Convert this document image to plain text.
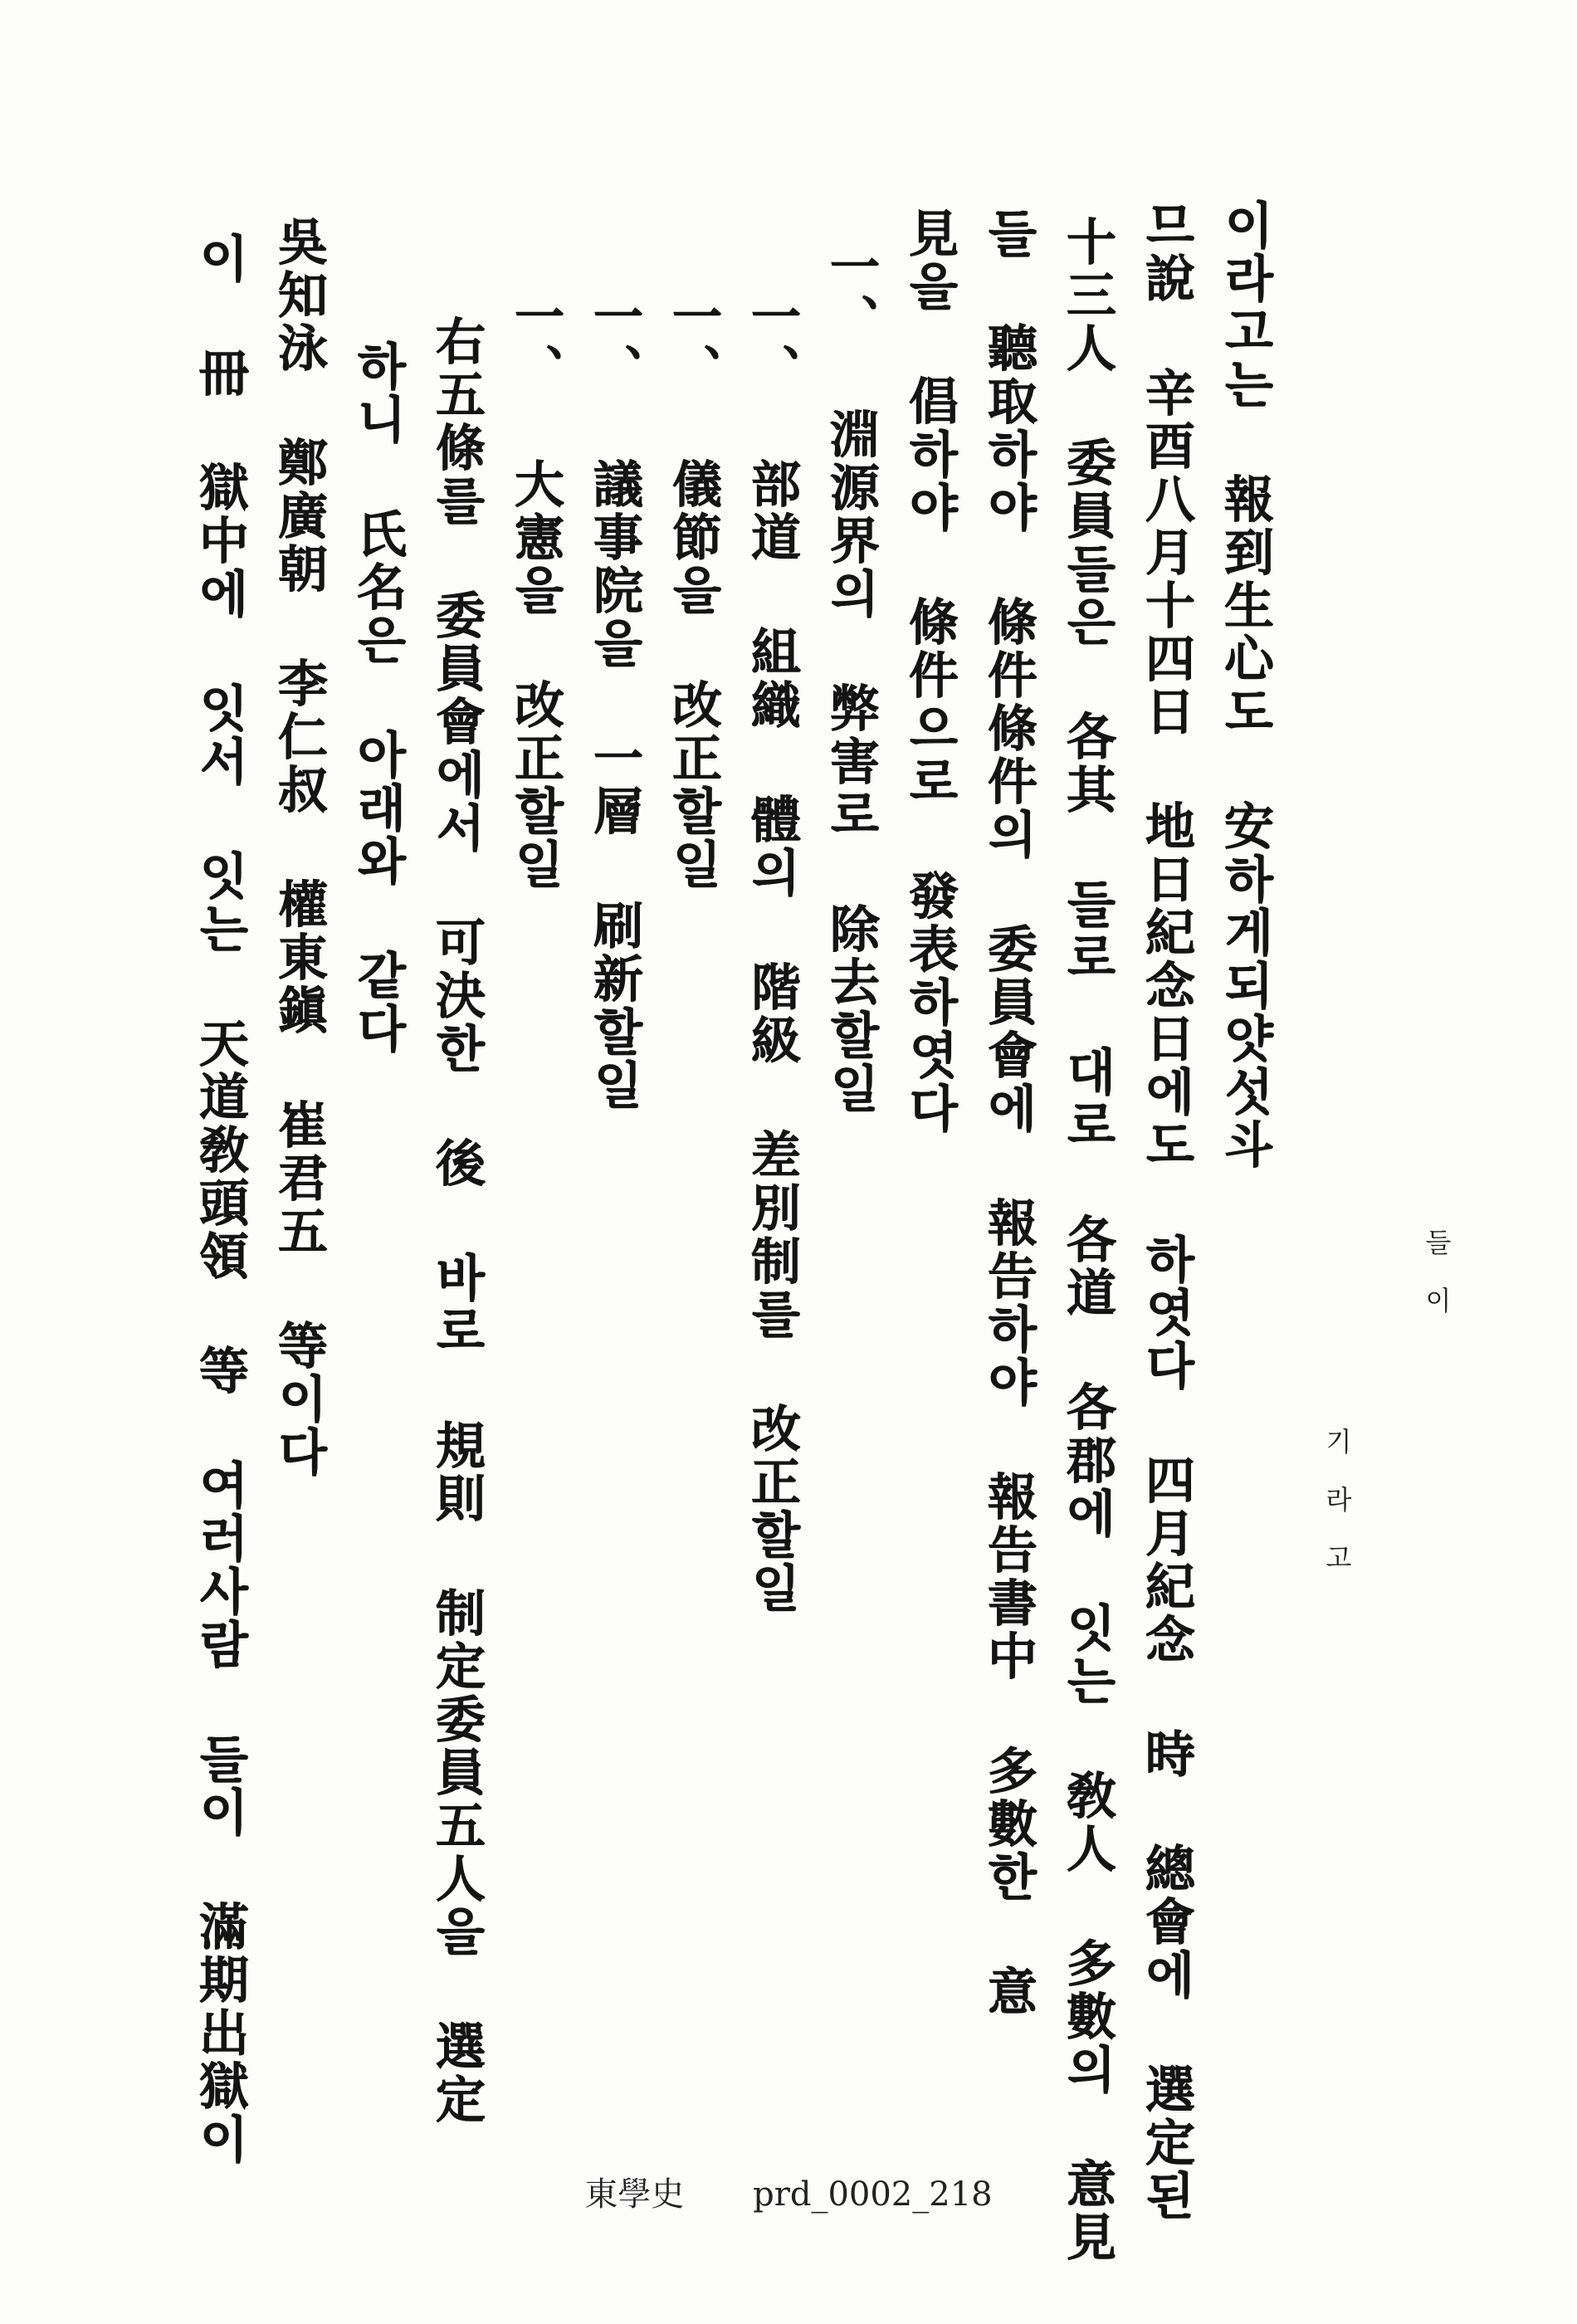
이라고는 報到生心도 安하게되얏섯斗
므說 辛酉八月十四日 地日紀念日에도 하엿다 四月紀念 時 總會에 選定된
十三人 委員들은 各其 들로 대로 各道 各郡에 잇는 敎人 多數의 意見
들 聽取하야 條件條件의 委員會에 報告하야 報告書中 多數한 意
見을 倡하야 條件으로 發表하엿다
一、 淵源界의 弊害로 除去할일
一、 部道 組織 體의 階級 差別制를 改正할일
一、 儀節을 改正할일
一、 議事院을 一層 刷新할일
一、 大憲을 改正할일
右五條를 委員會에서 可決한 後 바로 規則 制定委員五人을 選定
하니 氏名은 아래와 같다
吳知泳 鄭廣朝 李仁叔 權東鎭 崔君五 等이다
이 冊 獄中에 잇서 잇는 天道敎頭領 等 여러사람 들이 滿期出獄이	들 이
기 라 고
東學史 prd_0002_218
